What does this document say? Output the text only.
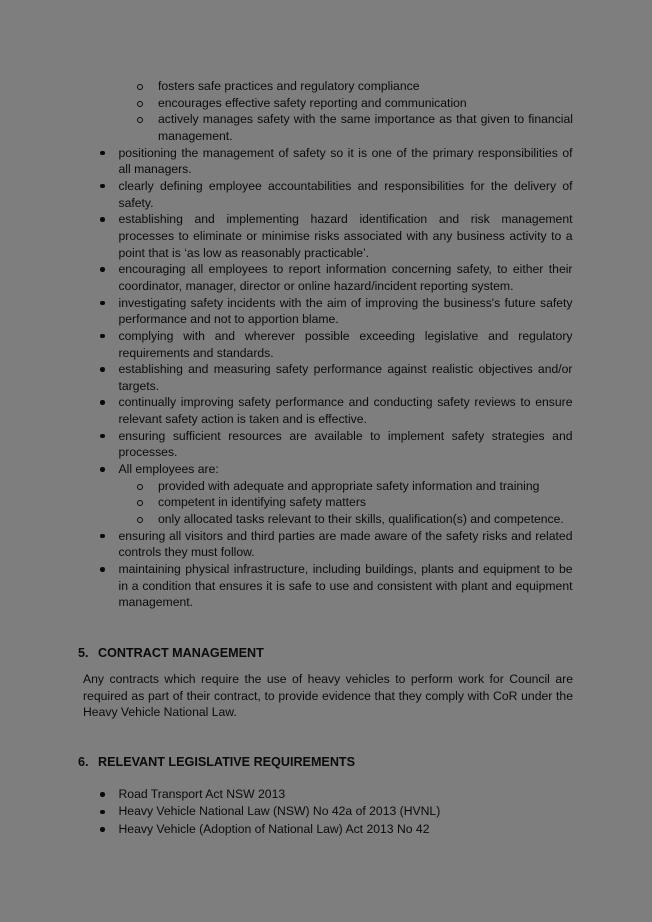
fosters safe practices and regulatory compliance
encourages effective safety reporting and communication
actively manages safety with the same importance as that given to financial management.
positioning the management of safety so it is one of the primary responsibilities of all managers.
clearly defining employee accountabilities and responsibilities for the delivery of safety.
establishing and implementing hazard identification and risk management processes to eliminate or minimise risks associated with any business activity to a point that is ‘as low as reasonably practicable’.
encouraging all employees to report information concerning safety, to either their coordinator, manager, director or online hazard/incident reporting system.
investigating safety incidents with the aim of improving the business's future safety performance and not to apportion blame.
complying with and wherever possible exceeding legislative and regulatory requirements and standards.
establishing and measuring safety performance against realistic objectives and/or targets.
continually improving safety performance and conducting safety reviews to ensure relevant safety action is taken and is effective.
ensuring sufficient resources are available to implement safety strategies and processes.
All employees are:
provided with adequate and appropriate safety information and training
competent in identifying safety matters
only allocated tasks relevant to their skills, qualification(s) and competence.
ensuring all visitors and third parties are made aware of the safety risks and related controls they must follow.
maintaining physical infrastructure, including buildings, plants and equipment to be in a condition that ensures it is safe to use and consistent with plant and equipment management.
5. CONTRACT MANAGEMENT
Any contracts which require the use of heavy vehicles to perform work for Council are required as part of their contract, to provide evidence that they comply with CoR under the Heavy Vehicle National Law.
6. RELEVANT LEGISLATIVE REQUIREMENTS
Road Transport Act NSW 2013
Heavy Vehicle National Law (NSW) No 42a of 2013 (HVNL)
Heavy Vehicle (Adoption of National Law) Act 2013 No 42
